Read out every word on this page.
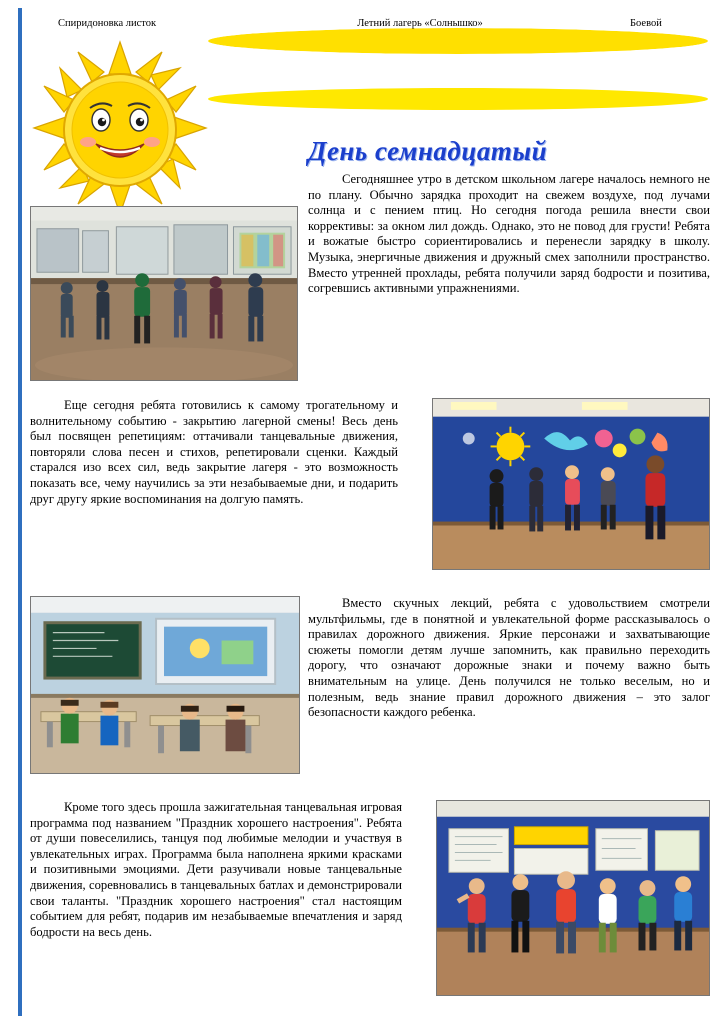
Спиридоновка листок	Летний лагерь «Солнышко»	Боевой
День семнадцатый
Сегодняшнее утро в детском школьном лагере началось немного не по плану. Обычно зарядка проходит на свежем воздухе, под лучами солнца и с пением птиц. Но сегодня погода решила внести свои коррективы: за окном лил дождь. Однако, это не повод для грусти! Ребята и вожатые быстро сориентировались и перенесли зарядку в школу. Музыка, энергичные движения и дружный смех заполнили пространство. Вместо утренней прохлады, ребята получили заряд бодрости и позитива, согревшись активными упражнениями.
Еще сегодня ребята готовились к самому трогательному и волнительному событию - закрытию лагерной смены! Весь день был посвящен репетициям: оттачивали танцевальные движения, повторяли слова песен и стихов, репетировали сценки. Каждый старался изо всех сил, ведь закрытие лагеря - это возможность показать все, чему научились за эти незабываемые дни, и подарить друг другу яркие воспоминания на долгую память.
Вместо скучных лекций, ребята с удовольствием смотрели мультфильмы, где в понятной и увлекательной форме рассказывалось о правилах дорожного движения. Яркие персонажи и захватывающие сюжеты помогли детям лучше запомнить, как правильно переходить дорогу, что означают дорожные знаки и почему важно быть внимательным на улице. День получился не только веселым, но и полезным, ведь знание правил дорожного движения – это залог безопасности каждого ребенка.
Кроме того здесь прошла зажигательная танцевальная игровая программа под названием "Праздник хорошего настроения". Ребята от души повеселились, танцуя под любимые мелодии и участвуя в увлекательных играх. Программа была наполнена яркими красками и позитивными эмоциями. Дети разучивали новые танцевальные движения, соревновались в танцевальных батлах и демонстрировали свои таланты. "Праздник хорошего настроения" стал настоящим событием для ребят, подарив им незабываемые впечатления и заряд бодрости на весь день.
